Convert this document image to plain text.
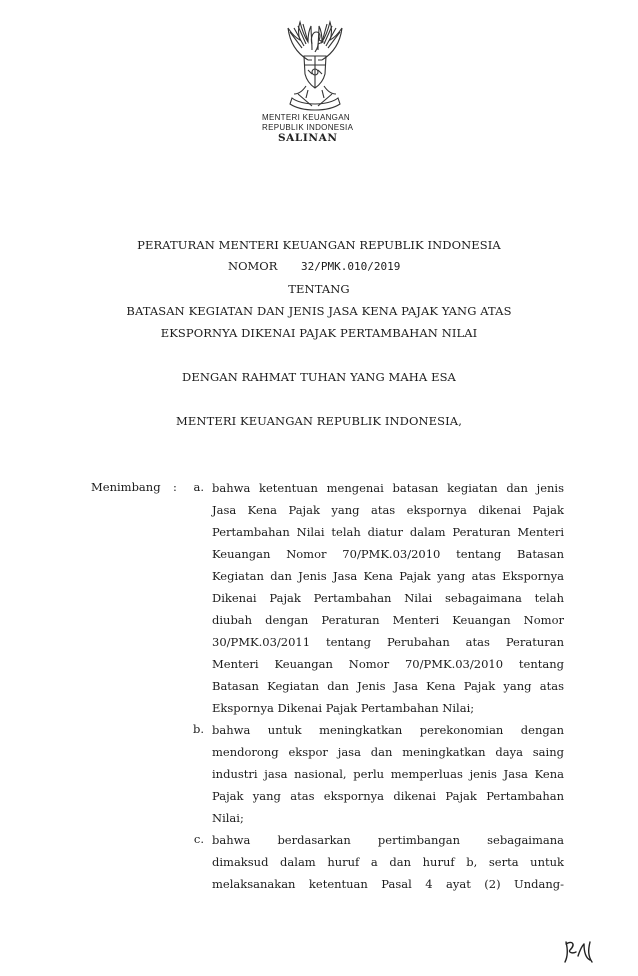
MENTERI KEUANGAN
REPUBLIK INDONESIA
SALINAN
PERATURAN MENTERI KEUANGAN REPUBLIK INDONESIA
NOMOR 32/PMK.010/2019
TENTANG
BATASAN KEGIATAN DAN JENIS JASA KENA PAJAK YANG ATAS
EKSPORNYA DIKENAI PAJAK PERTAMBAHAN NILAI
DENGAN RAHMAT TUHAN YANG MAHA ESA
MENTERI KEUANGAN REPUBLIK INDONESIA,
Menimbang :	a. bahwa ketentuan mengenai batasan kegiatan dan jenis
Jasa Kena Pajak yang atas ekspornya dikenai Pajak
Pertambahan Nilai telah diatur dalam Peraturan Menteri
Keuangan Nomor 70/PMK.03/2010 tentang Batasan
Kegiatan dan Jenis Jasa Kena Pajak yang atas Ekspornya
Dikenai Pajak Pertambahan Nilai sebagaimana telah
diubah dengan Peraturan Menteri Keuangan Nomor
30/PMK.03/2011 tentang Perubahan atas Peraturan
Menteri Keuangan Nomor 70/PMK.03/2010 tentang
Batasan Kegiatan dan Jenis Jasa Kena Pajak yang atas
Ekspornya Dikenai Pajak Pertambahan Nilai;
b. bahwa untuk meningkatkan perekonomian dengan
mendorong ekspor jasa dan meningkatkan daya saing
industri jasa nasional, perlu memperluas jenis Jasa Kena
Pajak yang atas ekspornya dikenai Pajak Pertambahan
Nilai;
c. bahwa berdasarkan pertimbangan sebagaimana
dimaksud dalam huruf a dan huruf b, serta untuk
melaksanakan ketentuan Pasal 4 ayat (2) Undang-
